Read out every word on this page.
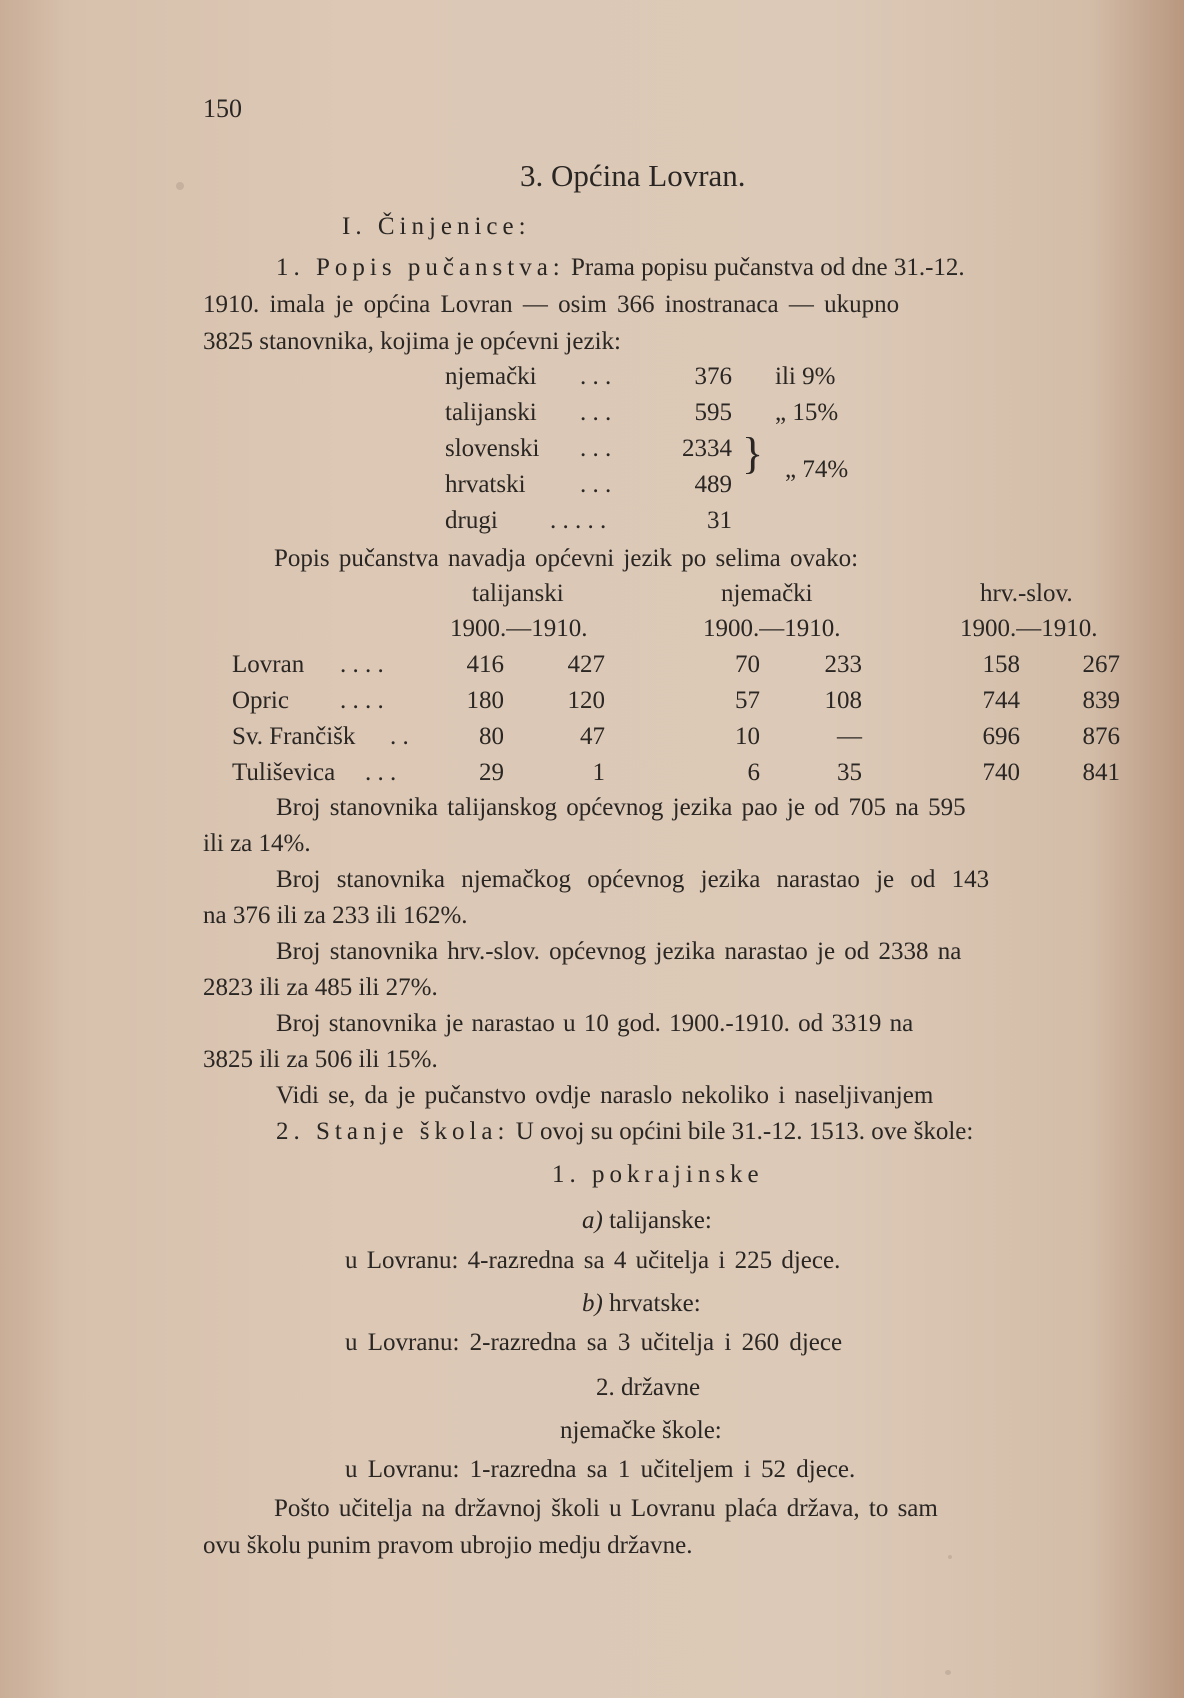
150
3. Općina Lovran.
I. Činjenice:
1. Popis pučanstva: Prama popisu pučanstva od dne 31.-12.
1910. imala je općina Lovran — osim 366 inostranaca — ukupno
3825 stanovnika, kojima je općevni jezik:
njemački . . .	376 ili 9%
talijanski . . .	595 „ 15%
slovenski . . .	2334
hrvatski . . .	489
drugi . . . . .	31
} „ 74%
Popis pučanstva navadja općevni jezik po selima ovako:
talijanski	njemački	hrv.-slov.
1900.—1910.	1900.—1910.	1900.—1910.
Lovran . . . .	416	427	70	233	158	267
Opric . . . .	180	120	57	108	744	839
Sv. Frančišk . .	80	47	10	—	696	876
Tuliševica . . .	29	1	6	35	740	841
Broj stanovnika talijanskog općevnog jezika pao je od 705 na 595
ili za 14%.
Broj stanovnika njemačkog općevnog jezika narastao je od 143
na 376 ili za 233 ili 162%.
Broj stanovnika hrv.-slov. općevnog jezika narastao je od 2338 na
2823 ili za 485 ili 27%.
Broj stanovnika je narastao u 10 god. 1900.-1910. od 3319 na
3825 ili za 506 ili 15%.
Vidi se, da je pučanstvo ovdje naraslo nekoliko i naseljivanjem
2. Stanje škola: U ovoj su općini bile 31.-12. 1513. ove škole:
1. pokrajinske
a) talijanske:
u Lovranu: 4-razredna sa 4 učitelja i 225 djece.
b) hrvatske:
u Lovranu: 2-razredna sa 3 učitelja i 260 djece
2. državne
njemačke škole:
u Lovranu: 1-razredna sa 1 učiteljem i 52 djece.
Pošto učitelja na državnoj školi u Lovranu plaća država, to sam
ovu školu punim pravom ubrojio medju državne.
